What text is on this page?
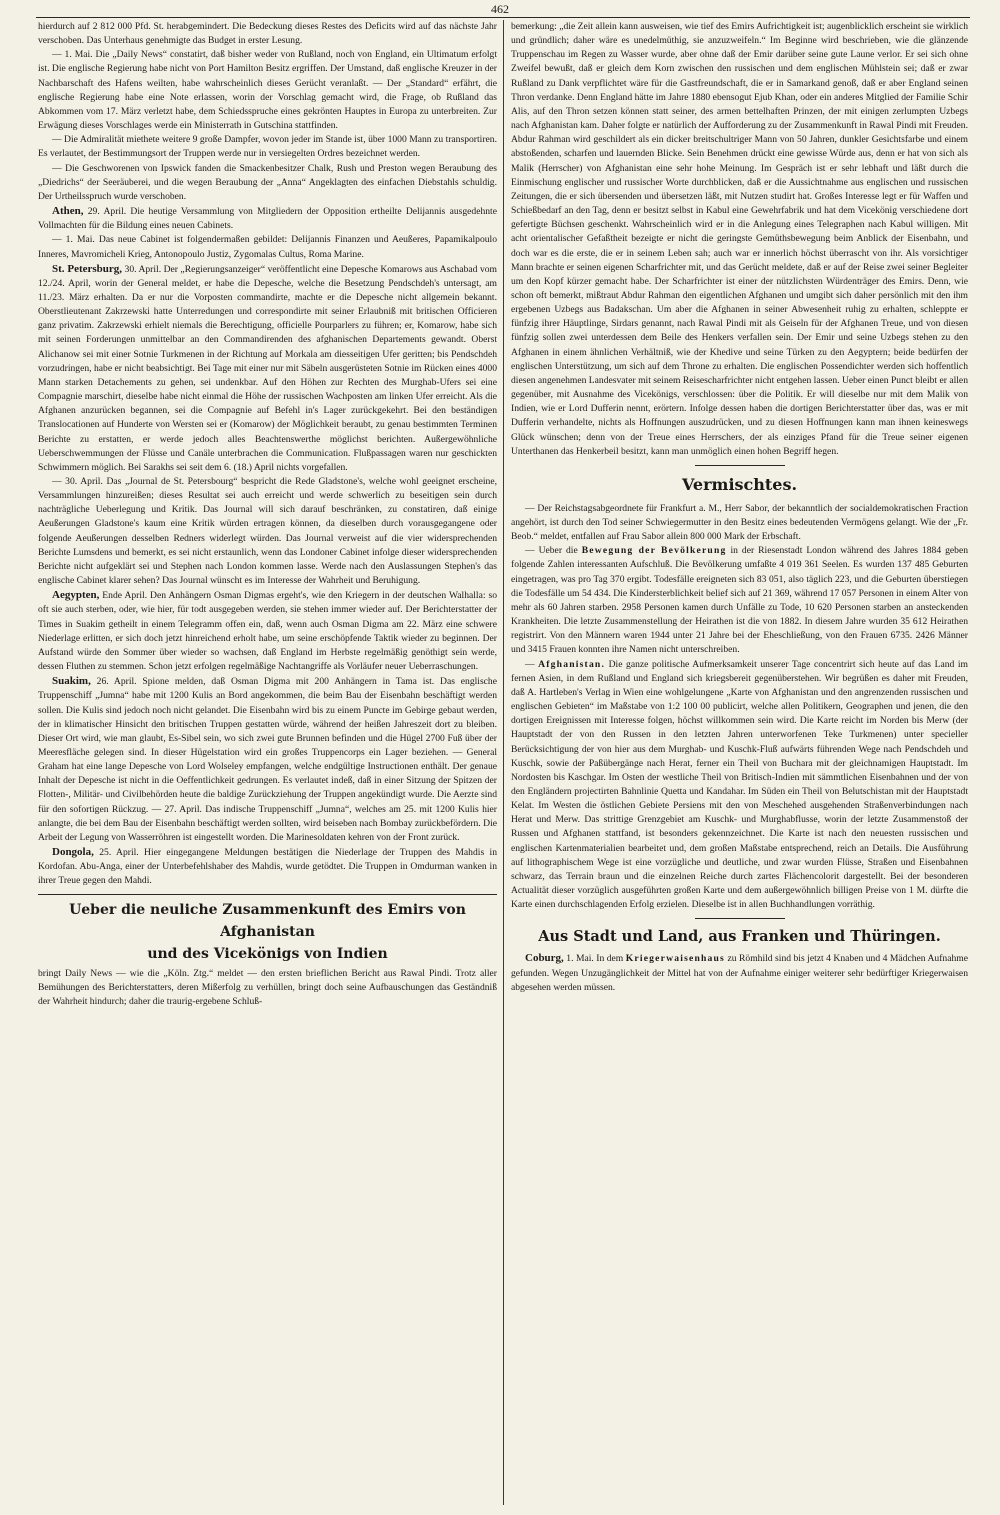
462

hierdurch auf 2 812 000 Pfd. St. herabgemindert. Die Bedeckung dieses Restes des Deficits wird auf das nächste Jahr verschoben. Das Unterhaus genehmigte das Budget in erster Lesung.

— 1. Mai. Die „Daily News“ constatirt, daß bisher weder von Rußland, noch von England, ein Ultimatum erfolgt ist. Die englische Regierung habe nicht von Port Hamilton Besitz ergriffen. Der Umstand, daß englische Kreuzer in der Nachbarschaft des Hafens weilten, habe wahrscheinlich dieses Gerücht veranlaßt. — Der „Standard“ erfährt, die englische Regierung habe eine Note erlassen, worin der Vorschlag gemacht wird, die Frage, ob Rußland das Abkommen vom 17. März verletzt habe, dem Schiedsspruche eines gekrönten Hauptes in Europa zu unterbreiten. Zur Erwägung dieses Vorschlages werde ein Ministerrath in Gutschina stattfinden.

— Die Admiralität miethete weitere 9 große Dampfer, wovon jeder im Stande ist, über 1000 Mann zu transportiren. Es verlautet, der Bestimmungsort der Truppen werde nur in versiegelten Ordres bezeichnet werden.

— Die Geschworenen von Ipswick fanden die Smackenbesitzer Chalk, Rush und Preston wegen Beraubung des „Diedrichs“ der Seeräuberei, und die wegen Beraubung der „Anna“ Angeklagten des einfachen Diebstahls schuldig. Der Urtheilsspruch wurde verschoben.

Athen, 29. April. Die heutige Versammlung von Mitgliedern der Opposition ertheilte Delijannis ausgedehnte Vollmachten für die Bildung eines neuen Cabinets.

— 1. Mai. Das neue Cabinet ist folgendermaßen gebildet: Delijannis Finanzen und Aeußeres, Papamikalpoulo Inneres, Mavromicheli Krieg, Antonopoulo Justiz, Zygomalas Cultus, Roma Marine.

St. Petersburg, 30. April. Der „Regierungsanzeiger“ veröffentlicht eine Depesche Komarows aus Aschabad vom 12./24. April, worin der General meldet, er habe die Depesche, welche die Besetzung Pendschdeh's untersagt, am 11./23. März erhalten. Da er nur die Vorposten commandirte, machte er die Depesche nicht allgemein bekannt. Oberstlieutenant Zakrzewski hatte Unterredungen und correspondirte mit seiner Erlaubniß mit britischen Officieren ganz privatim. Zakrzewski erhielt niemals die Berechtigung, officielle Pourparlers zu führen; er, Komarow, habe sich mit seinen Forderungen unmittelbar an den Commandirenden des afghanischen Departements gewandt. Oberst Alichanow sei mit einer Sotnie Turkmenen in der Richtung auf Morkala am diesseitigen Ufer geritten; bis Pendschdeh vorzudringen, habe er nicht beabsichtigt. Bei Tage mit einer nur mit Säbeln ausgerüsteten Sotnie im Rücken eines 4000 Mann starken Detachements zu gehen, sei undenkbar. Auf den Höhen zur Rechten des Murghab-Ufers sei eine Compagnie marschirt, dieselbe habe nicht einmal die Höhe der russischen Wachposten am linken Ufer erreicht. Als die Afghanen anzurücken begannen, sei die Compagnie auf Befehl in's Lager zurückgekehrt. Bei den beständigen Translocationen auf Hunderte von Wersten sei er (Komarow) der Möglichkeit beraubt, zu genau bestimmten Terminen Berichte zu erstatten, er werde jedoch alles Beachtenswerthe möglichst berichten. Außergewöhnliche Ueberschwemmungen der Flüsse und Canäle unterbrachen die Communication. Flußpassagen waren nur geschickten Schwimmern möglich. Bei Sarakhs sei seit dem 6. (18.) April nichts vorgefallen.

— 30. April. Das „Journal de St. Petersbourg“ bespricht die Rede Gladstone's, welche wohl geeignet erscheine, Versammlungen hinzureißen; dieses Resultat sei auch erreicht und werde schwerlich zu beseitigen sein durch nachträgliche Ueberlegung und Kritik. Das Journal will sich darauf beschränken, zu constatiren, daß einige Aeußerungen Gladstone's kaum eine Kritik würden ertragen können, da dieselben durch vorausgegangene oder folgende Aeußerungen desselben Redners widerlegt würden. Das Journal verweist auf die vier widersprechenden Berichte Lumsdens und bemerkt, es sei nicht erstaunlich, wenn das Londoner Cabinet infolge dieser widersprechenden Berichte nicht aufgeklärt sei und Stephen nach London kommen lasse. Werde nach den Auslassungen Stephen's das englische Cabinet klarer sehen? Das Journal wünscht es im Interesse der Wahrheit und Beruhigung.

Aegypten, Ende April. Den Anhängern Osman Digmas ergeht's, wie den Kriegern in der deutschen Walhalla: so oft sie auch sterben, oder, wie hier, für todt ausgegeben werden, sie stehen immer wieder auf. Der Berichterstatter der Times in Suakim getheilt in einem Telegramm offen ein, daß, wenn auch Osman Digma am 22. März eine schwere Niederlage erlitten, er sich doch jetzt hinreichend erholt habe, um seine erschöpfende Taktik wieder zu beginnen. Der Aufstand würde den Sommer über wieder so wachsen, daß England im Herbste regelmäßig genöthigt sein werde, dessen Fluthen zu stemmen. Schon jetzt erfolgen regelmäßige Nachtangriffe als Vorläufer neuer Ueberraschungen.

Suakim, 26. April. Spione melden, daß Osman Digma mit 200 Anhängern in Tama ist. Das englische Truppenschiff „Jumna“ habe mit 1200 Kulis an Bord angekommen, die beim Bau der Eisenbahn beschäftigt werden sollen. Die Kulis sind jedoch noch nicht gelandet. Die Eisenbahn wird bis zu einem Puncte im Gebirge gebaut werden, der in klimatischer Hinsicht den britischen Truppen gestatten würde, während der heißen Jahreszeit dort zu bleiben. Dieser Ort wird, wie man glaubt, Es-Sibel sein, wo sich zwei gute Brunnen befinden und die Hügel 2700 Fuß über der Meeresfläche gelegen sind. In dieser Hügelstation wird ein großes Truppencorps ein Lager beziehen. — General Graham hat eine lange Depesche von Lord Wolseley empfangen, welche endgültige Instructionen enthält. Der genaue Inhalt der Depesche ist nicht in die Oeffentlichkeit gedrungen. Es verlautet indeß, daß in einer Sitzung der Spitzen der Flotten-, Militär- und Civilbehörden heute die baldige Zurückziehung der Truppen angekündigt wurde. Die Aerzte sind für den sofortigen Rückzug. — 27. April. Das indische Truppenschiff „Jumna“, welches am 25. mit 1200 Kulis hier anlangte, die bei dem Bau der Eisenbahn beschäftigt werden sollten, wird beiseben nach Bombay zurückbefördern. Die Arbeit der Legung von Wasserröhren ist eingestellt worden. Die Marinesoldaten kehren von der Front zurück.

Dongola, 25. April. Hier eingegangene Meldungen bestätigen die Niederlage der Truppen des Mahdis in Kordofan. Abu-Anga, einer der Unterbefehlshaber des Mahdis, wurde getödtet. Die Truppen in Omdurman wanken in ihrer Treue gegen den Mahdi.

Ueber die neuliche Zusammenkunft des Emirs von Afghanistan
und des Vicekönigs von Indien

bringt Daily News — wie die „Köln. Ztg.“ meldet — den ersten brieflichen Bericht aus Rawal Pindi. Trotz aller Bemühungen des Berichterstatters, deren Mißerfolg zu verhüllen, bringt doch seine Aufbauschungen das Geständniß der Wahrheit hindurch; daher die traurig-ergebene Schluß-

bemerkung: „die Zeit allein kann ausweisen, wie tief des Emirs Aufrichtigkeit ist; augenblicklich erscheint sie wirklich und gründlich; daher wäre es unedelmüthig, sie anzuzweifeln.“ Im Beginne wird beschrieben, wie die glänzende Truppenschau im Regen zu Wasser wurde, aber ohne daß der Emir darüber seine gute Laune verlor. Er sei sich ohne Zweifel bewußt, daß er gleich dem Korn zwischen den russischen und dem englischen Mühlstein sei; daß er zwar Rußland zu Dank verpflichtet wäre für die Gastfreundschaft, die er in Samarkand genoß, daß er aber England seinen Thron verdanke. Denn England hätte im Jahre 1880 ebensogut Ejub Khan, oder ein anderes Mitglied der Familie Schir Alis, auf den Thron setzen können statt seiner, des armen bettelhaften Prinzen, der mit einigen zerlumpten Uzbegs nach Afghanistan kam. Daher folgte er natürlich der Aufforderung zu der Zusammenkunft in Rawal Pindi mit Freuden. Abdur Rahman wird geschildert als ein dicker breitschultriger Mann von 50 Jahren, dunkler Gesichtsfarbe und einem abstoßenden, scharfen und lauernden Blicke. Sein Benehmen drückt eine gewisse Würde aus, denn er hat von sich als Malik (Herrscher) von Afghanistan eine sehr hohe Meinung. Im Gespräch ist er sehr lebhaft und läßt durch die Einmischung englischer und russischer Worte durchblicken, daß er die Aussichtnahme aus englischen und russischen Zeitungen, die er sich übersenden und übersetzen läßt, mit Nutzen studirt hat. Großes Interesse legt er für Waffen und Schießbedarf an den Tag, denn er besitzt selbst in Kabul eine Gewehrfabrik und hat dem Vicekönig verschiedene dort gefertigte Büchsen geschenkt. Wahrscheinlich wird er in die Anlegung eines Telegraphen nach Kabul willigen. Mit acht orientalischer Gefaßtheit bezeigte er nicht die geringste Gemüthsbewegung beim Anblick der Eisenbahn, und doch war es die erste, die er in seinem Leben sah; auch war er innerlich höchst überrascht von ihr. Als vorsichtiger Mann brachte er seinen eigenen Scharfrichter mit, und das Gerücht meldete, daß er auf der Reise zwei seiner Begleiter um den Kopf kürzer gemacht habe. Der Scharfrichter ist einer der nützlichsten Würdenträger des Emirs. Denn, wie schon oft bemerkt, mißtraut Abdur Rahman den eigentlichen Afghanen und umgibt sich daher persönlich mit den ihm ergebenen Uzbegs aus Badakschan. Um aber die Afghanen in seiner Abwesenheit ruhig zu erhalten, schleppte er fünfzig ihrer Häuptlinge, Sirdars genannt, nach Rawal Pindi mit als Geiseln für der Afghanen Treue, und von diesen fünfzig sollen zwei unterdessen dem Beile des Henkers verfallen sein. Der Emir und seine Uzbegs stehen zu den Afghanen in einem ähnlichen Verhältniß, wie der Khedive und seine Türken zu den Aegyptern; beide bedürfen der englischen Unterstützung, um sich auf dem Throne zu erhalten. Die englischen Possendichter werden sich hoffentlich diesen angenehmen Landesvater mit seinem Reisescharfrichter nicht entgehen lassen. Ueber einen Punct bleibt er allen gegenüber, mit Ausnahme des Vicekönigs, verschlossen: über die Politik. Er will dieselbe nur mit dem Malik von Indien, wie er Lord Dufferin nennt, erörtern. Infolge dessen haben die dortigen Berichterstatter über das, was er mit Dufferin verhandelte, nichts als Hoffnungen auszudrücken, und zu diesen Hoffnungen kann man ihnen keineswegs Glück wünschen; denn von der Treue eines Herrschers, der als einziges Pfand für die Treue seiner eigenen Unterthanen das Henkerbeil besitzt, kann man unmöglich einen hohen Begriff hegen.

Vermischtes.

— Der Reichstagsabgeordnete für Frankfurt a. M., Herr Sabor, der bekanntlich der socialdemokratischen Fraction angehört, ist durch den Tod seiner Schwiegermutter in den Besitz eines bedeutenden Vermögens gelangt. Wie der „Fr. Beob.“ meldet, entfallen auf Frau Sabor allein 800 000 Mark der Erbschaft.

— Ueber die Bewegung der Bevölkerung in der Riesenstadt London während des Jahres 1884 geben folgende Zahlen interessanten Aufschluß. Die Bevölkerung umfaßte 4 019 361 Seelen. Es wurden 137 485 Geburten eingetragen, was pro Tag 370 ergibt. Todesfälle ereigneten sich 83 051, also täglich 223, und die Geburten überstiegen die Todesfälle um 54 434. Die Kindersterblichkeit belief sich auf 21 369, während 17 057 Personen in einem Alter von mehr als 60 Jahren starben. 2958 Personen kamen durch Unfälle zu Tode, 10 620 Personen starben an ansteckenden Krankheiten. Die letzte Zusammenstellung der Heirathen ist die von 1882. In diesem Jahre wurden 35 612 Heirathen registrirt. Von den Männern waren 1944 unter 21 Jahre bei der Eheschließung, von den Frauen 6735. 2426 Männer und 3415 Frauen konnten ihre Namen nicht unterschreiben.

— Afghanistan. Die ganze politische Aufmerksamkeit unserer Tage concentrirt sich heute auf das Land im fernen Asien, in dem Rußland und England sich kriegsbereit gegenüberstehen. Wir begrüßen es daher mit Freuden, daß A. Hartleben's Verlag in Wien eine wohlgelungene „Karte von Afghanistan und den angrenzenden russischen und englischen Gebieten“ im Maßstabe von 1:2 100 00 publicirt, welche allen Politikern, Geographen und jenen, die den dortigen Ereignissen mit Interesse folgen, höchst willkommen sein wird. Die Karte reicht im Norden bis Merw (der Hauptstadt der von den Russen in den letzten Jahren unterworfenen Teke Turkmenen) unter specieller Berücksichtigung der von hier aus dem Murghab- und Kuschk-Fluß aufwärts führenden Wege nach Pendschdeh und Kuschk, sowie der Paßübergänge nach Herat, ferner ein Theil von Buchara mit der gleichnamigen Hauptstadt. Im Nordosten bis Kaschgar. Im Osten der westliche Theil von Britisch-Indien mit sämmtlichen Eisenbahnen und der von den Engländern projectirten Bahnlinie Quetta und Kandahar. Im Süden ein Theil von Belutschistan mit der Hauptstadt Kelat. Im Westen die östlichen Gebiete Persiens mit den von Meschehed ausgehenden Straßenverbindungen nach Herat und Merw. Das strittige Grenzgebiet am Kuschk- und Murghabflusse, worin der letzte Zusammenstoß der Russen und Afghanen stattfand, ist besonders gekennzeichnet. Die Karte ist nach den neuesten russischen und englischen Kartenmaterialien bearbeitet und, dem großen Maßstabe entsprechend, reich an Details. Die Ausführung auf lithographischem Wege ist eine vorzügliche und deutliche, und zwar wurden Flüsse, Straßen und Eisenbahnen schwarz, das Terrain braun und die einzelnen Reiche durch zartes Flächencolorit dargestellt. Bei der besonderen Actualität dieser vorzüglich ausgeführten großen Karte und dem außergewöhnlich billigen Preise von 1 M. dürfte die Karte einen durchschlagenden Erfolg erzielen. Dieselbe ist in allen Buchhandlungen vorräthig.

Aus Stadt und Land, aus Franken und Thüringen.

Coburg, 1. Mai. In dem Kriegerwaisenhaus zu Römhild sind bis jetzt 4 Knaben und 4 Mädchen Aufnahme gefunden. Wegen Unzugänglichkeit der Mittel hat von der Aufnahme einiger weiterer sehr bedürftiger Kriegerwaisen abgesehen werden müssen.
